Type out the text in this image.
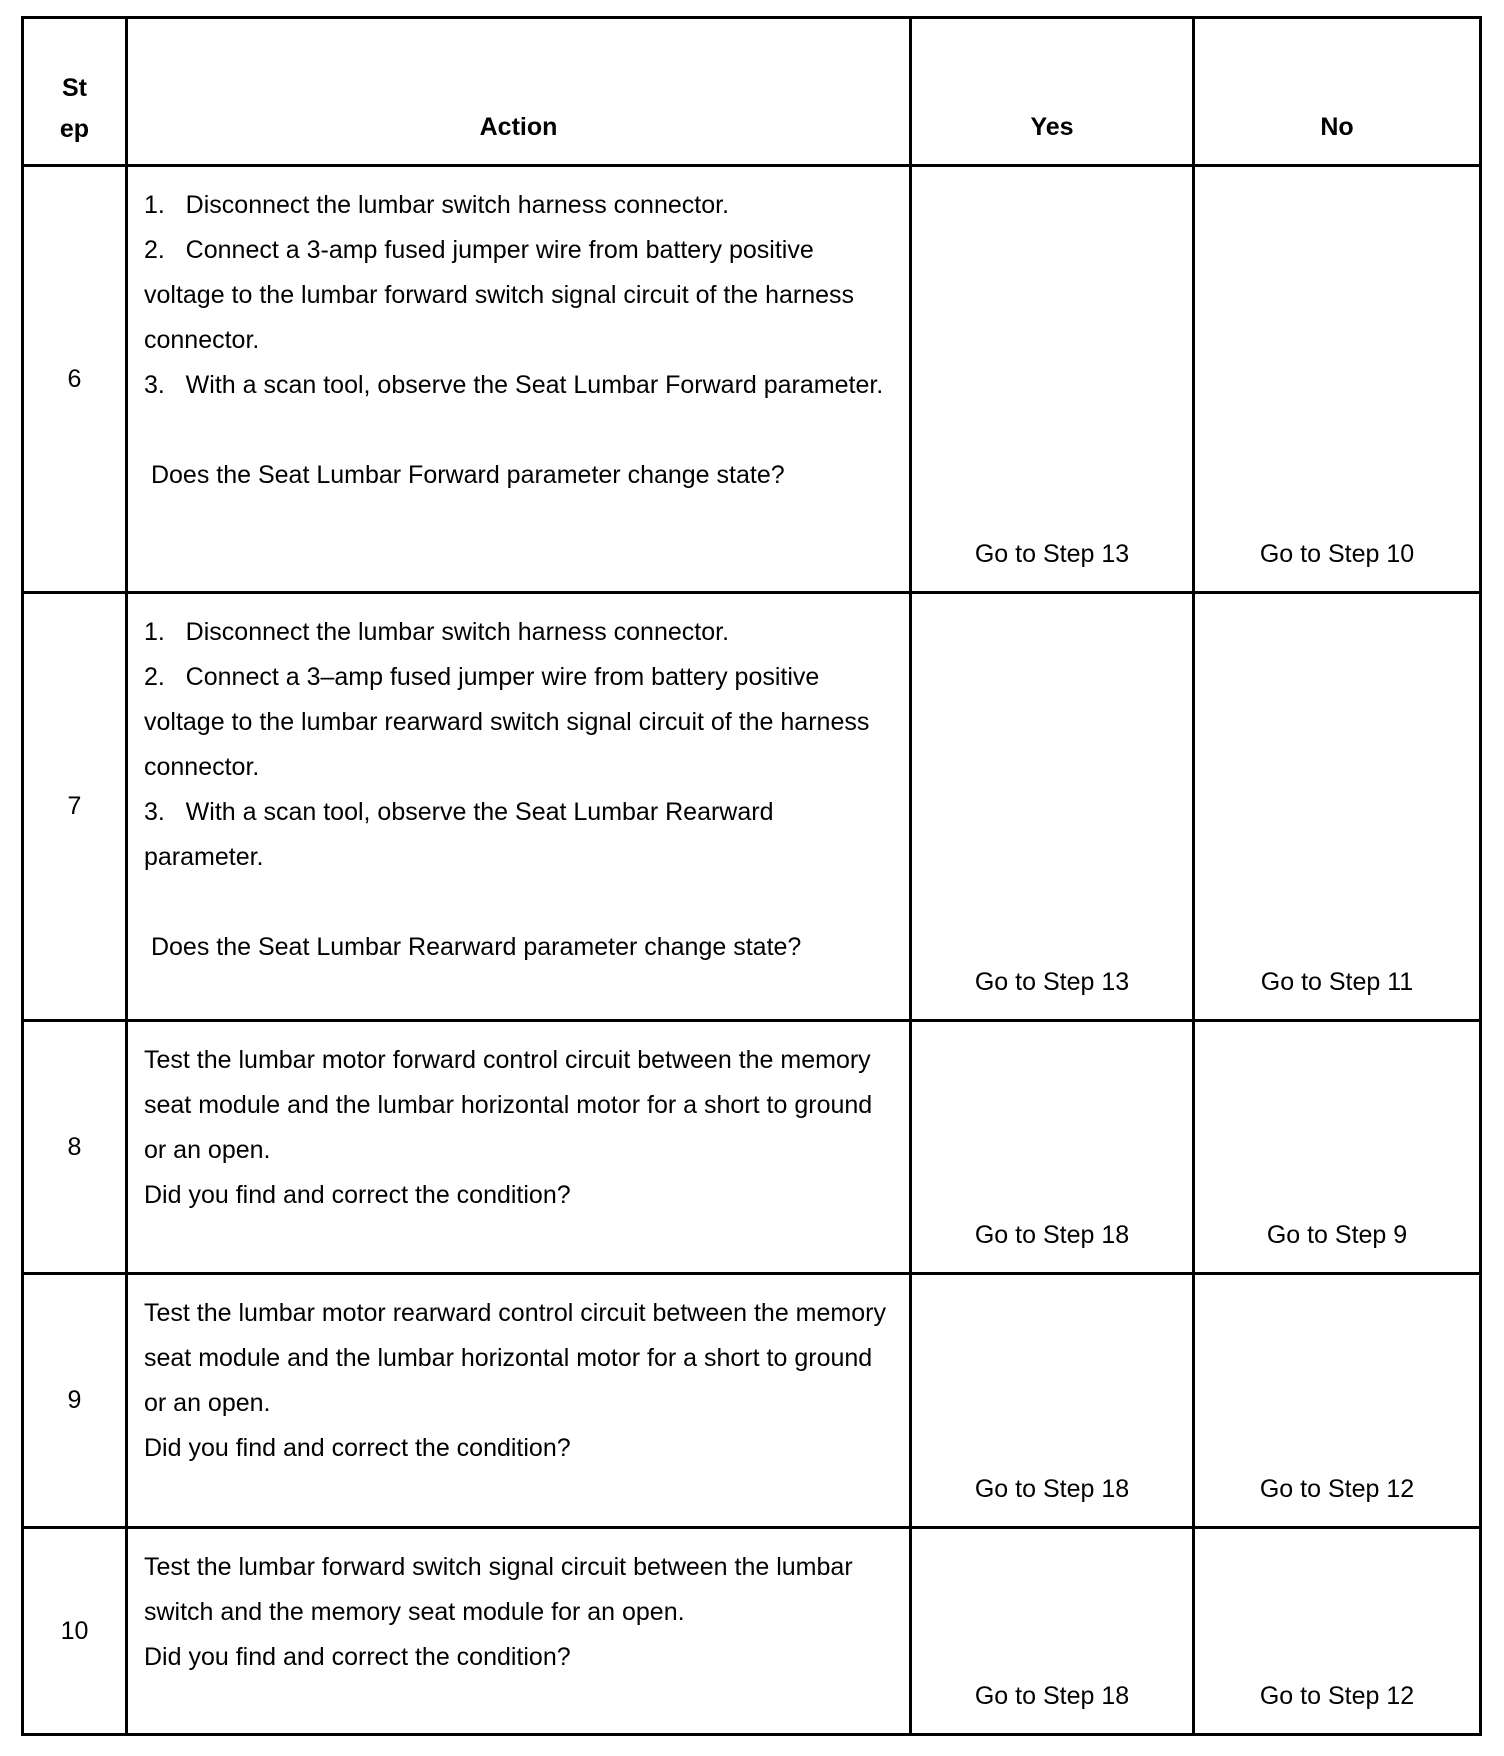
St
ep	Action	Yes	No
6	1.   Disconnect the lumbar switch harness connector.
2.   Connect a 3-amp fused jumper wire from battery positive voltage to the lumbar forward switch signal circuit of the harness connector.
3.   With a scan tool, observe the Seat Lumbar Forward parameter.

Does the Seat Lumbar Forward parameter change state?	Go to Step 13	Go to Step 10
7	1.   Disconnect the lumbar switch harness connector.
2.   Connect a 3–amp fused jumper wire from battery positive voltage to the lumbar rearward switch signal circuit of the harness connector.
3.   With a scan tool, observe the Seat Lumbar Rearward parameter.

Does the Seat Lumbar Rearward parameter change state?	Go to Step 13	Go to Step 11
8	Test the lumbar motor forward control circuit between the memory seat module and the lumbar horizontal motor for a short to ground or an open.
Did you find and correct the condition?	Go to Step 18	Go to Step 9
9	Test the lumbar motor rearward control circuit between the memory seat module and the lumbar horizontal motor for a short to ground or an open.
Did you find and correct the condition?	Go to Step 18	Go to Step 12
10	Test the lumbar forward switch signal circuit between the lumbar switch and the memory seat module for an open.
Did you find and correct the condition?	Go to Step 18	Go to Step 12
